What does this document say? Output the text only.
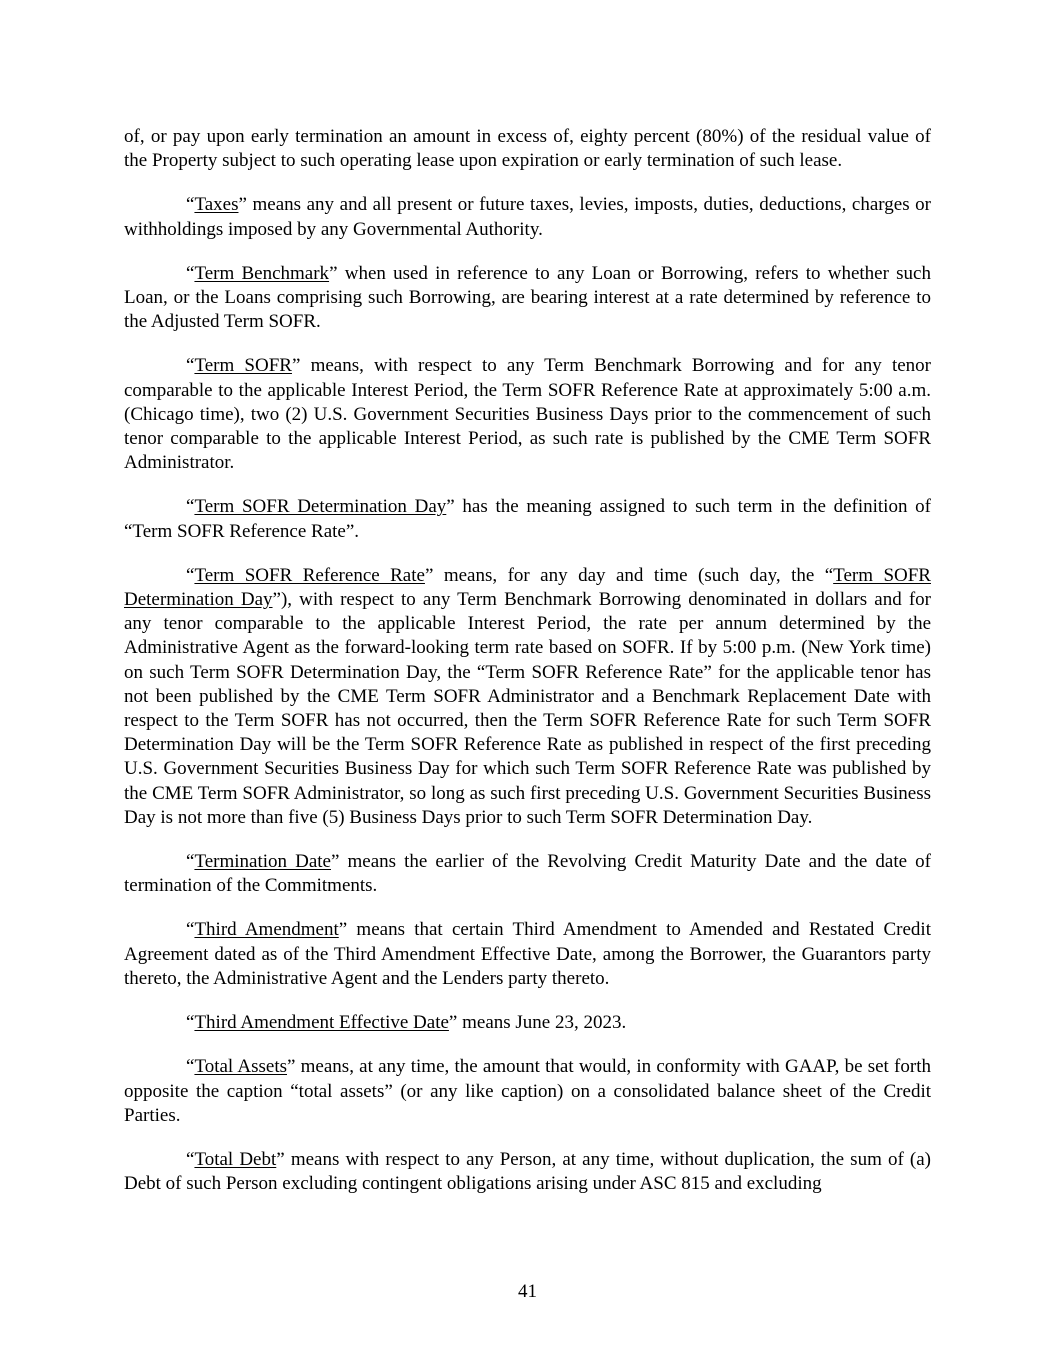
of, or pay upon early termination an amount in excess of, eighty percent (80%) of the residual value of the Property subject to such operating lease upon expiration or early termination of such lease.

“Taxes” means any and all present or future taxes, levies, imposts, duties, deductions, charges or withholdings imposed by any Governmental Authority.

“Term Benchmark” when used in reference to any Loan or Borrowing, refers to whether such Loan, or the Loans comprising such Borrowing, are bearing interest at a rate determined by reference to the Adjusted Term SOFR.

“Term SOFR” means, with respect to any Term Benchmark Borrowing and for any tenor comparable to the applicable Interest Period, the Term SOFR Reference Rate at approximately 5:00 a.m. (Chicago time), two (2) U.S. Government Securities Business Days prior to the commencement of such tenor comparable to the applicable Interest Period, as such rate is published by the CME Term SOFR Administrator.

“Term SOFR Determination Day” has the meaning assigned to such term in the definition of “Term SOFR Reference Rate”.

“Term SOFR Reference Rate” means, for any day and time (such day, the “Term SOFR Determination Day”), with respect to any Term Benchmark Borrowing denominated in dollars and for any tenor comparable to the applicable Interest Period, the rate per annum determined by the Administrative Agent as the forward-looking term rate based on SOFR. If by 5:00 p.m. (New York time) on such Term SOFR Determination Day, the “Term SOFR Reference Rate” for the applicable tenor has not been published by the CME Term SOFR Administrator and a Benchmark Replacement Date with respect to the Term SOFR has not occurred, then the Term SOFR Reference Rate for such Term SOFR Determination Day will be the Term SOFR Reference Rate as published in respect of the first preceding U.S. Government Securities Business Day for which such Term SOFR Reference Rate was published by the CME Term SOFR Administrator, so long as such first preceding U.S. Government Securities Business Day is not more than five (5) Business Days prior to such Term SOFR Determination Day.

“Termination Date” means the earlier of the Revolving Credit Maturity Date and the date of termination of the Commitments.

“Third Amendment” means that certain Third Amendment to Amended and Restated Credit Agreement dated as of the Third Amendment Effective Date, among the Borrower, the Guarantors party thereto, the Administrative Agent and the Lenders party thereto.

“Third Amendment Effective Date” means June 23, 2023.

“Total Assets” means, at any time, the amount that would, in conformity with GAAP, be set forth opposite the caption “total assets” (or any like caption) on a consolidated balance sheet of the Credit Parties.

“Total Debt” means with respect to any Person, at any time, without duplication, the sum of (a) Debt of such Person excluding contingent obligations arising under ASC 815 and excluding

41
